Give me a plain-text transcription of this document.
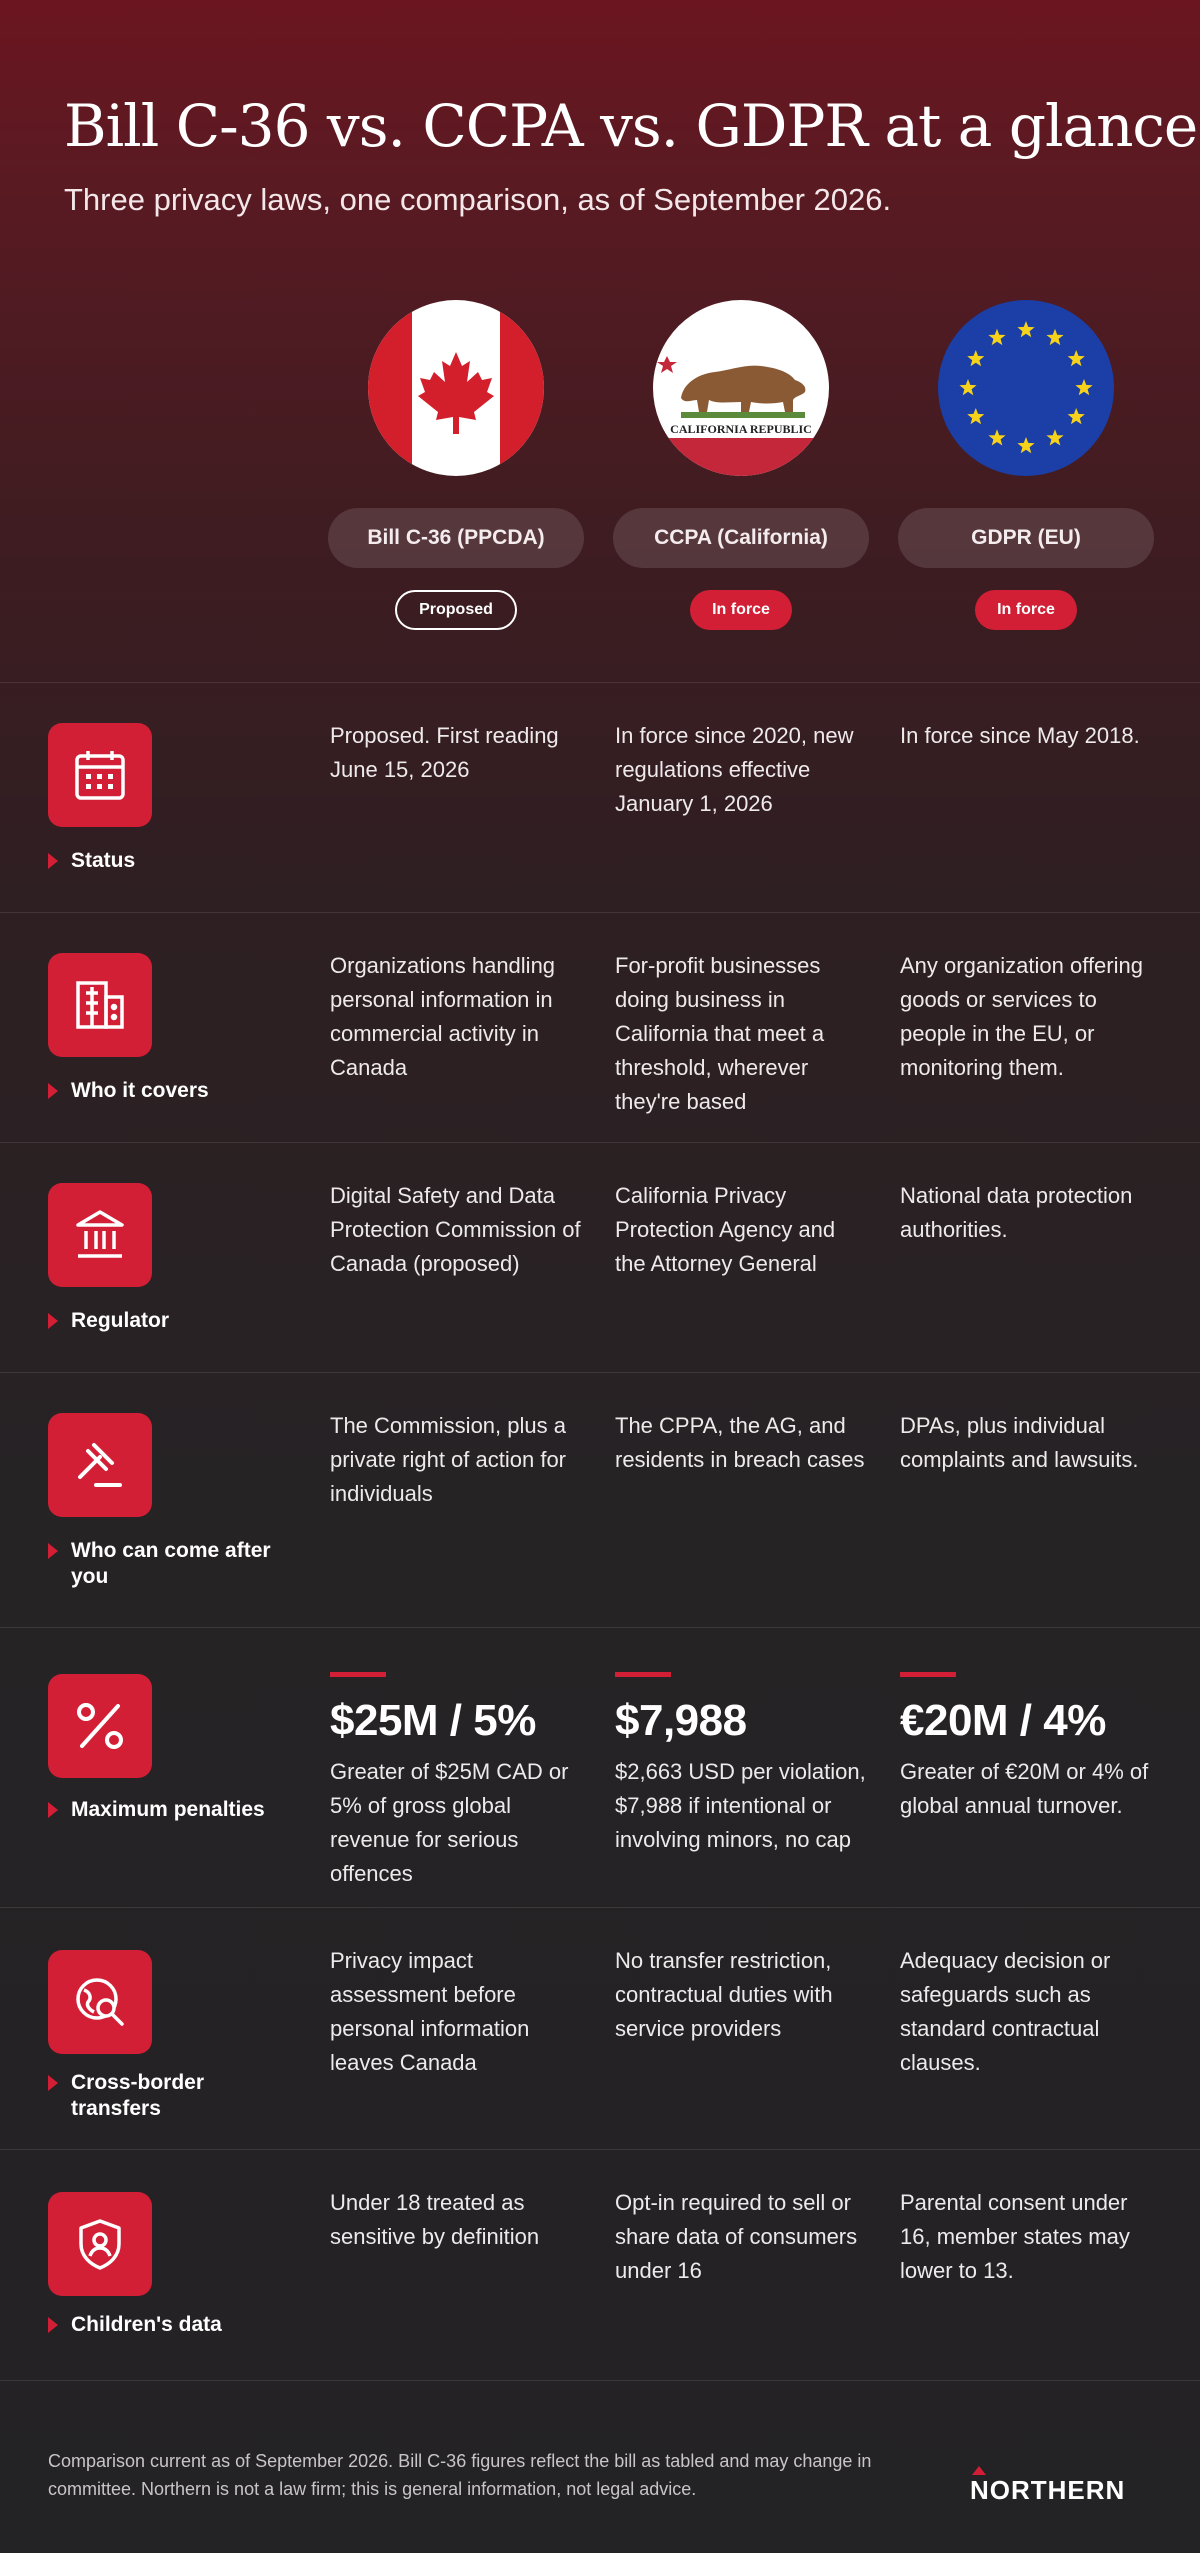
Bill C-36 vs. CCPA vs. GDPR at a glance

Three privacy laws, one comparison, as of September 2026.

Bill C-36 (PPCDA)
Proposed
CALIFORNIA REPUBLIC
CCPA (California)
In force
GDPR (EU)
In force
Status
Proposed. First reading June 15, 2026
In force since 2020, new regulations effective January 1, 2026
In force since May 2018.
Who it covers
Organizations handling personal information in commercial activity in Canada
For-profit businesses doing business in California that meet a threshold, wherever they're based
Any organization offering goods or services to people in the EU, or monitoring them.
Regulator
Digital Safety and Data Protection Commission of Canada (proposed)
California Privacy Protection Agency and the Attorney General
National data protection authorities.
Who can come after you
The Commission, plus a private right of action for individuals
The CPPA, the AG, and residents in breach cases
DPAs, plus individual complaints and lawsuits.
Maximum penalties
$25M / 5%
Greater of $25M CAD or 5% of gross global revenue for serious offences
$7,988
$2,663 USD per violation, $7,988 if intentional or involving minors, no cap
€20M / 4%
Greater of €20M or 4% of global annual turnover.
Cross-border transfers
Privacy impact assessment before personal information leaves Canada
No transfer restriction, contractual duties with service providers
Adequacy decision or safeguards such as standard contractual clauses.
Children's data
Under 18 treated as sensitive by definition
Opt-in required to sell or share data of consumers under 16
Parental consent under 16, member states may lower to 13.

Comparison current as of September 2026. Bill C-36 figures reflect the bill as tabled and may change in committee. Northern is not a law firm; this is general information, not legal advice.	NORTHERN
